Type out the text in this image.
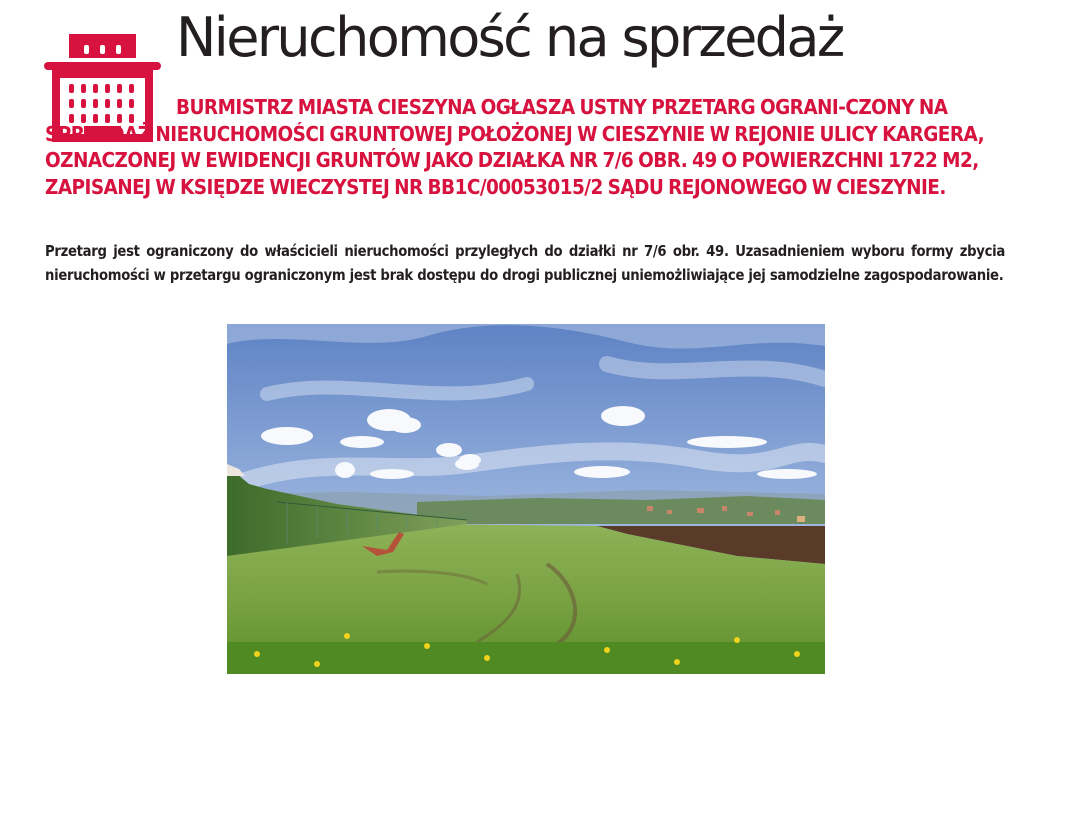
Nieruchomość na sprzedaż

BURMISTRZ MIASTA CIESZYNA OGŁASZA USTNY PRZETARG OGRANI-CZONY NA SPRZEDAŻ NIERUCHOMOŚCI GRUNTOWEJ POŁOŻONEJ W CIESZYNIE W REJONIE ULICY KARGERA, OZNACZONEJ W EWIDENCJI GRUNTÓW JAKO DZIAŁKA NR 7/6 OBR. 49 O POWIERZCHNI 1722 M2, ZAPISANEJ W KSIĘDZE WIECZYSTEJ NR BB1C/00053015/2 SĄDU REJONOWEGO W CIESZYNIE.

Przetarg jest ograniczony do właścicieli nieruchomości przyległych do działki nr 7/6 obr. 49. Uzasadnieniem wyboru formy zbycia nieruchomości w przetargu ograniczonym jest brak dostępu do drogi publicznej uniemożliwiające jej samodzielne zagospodarowanie.
